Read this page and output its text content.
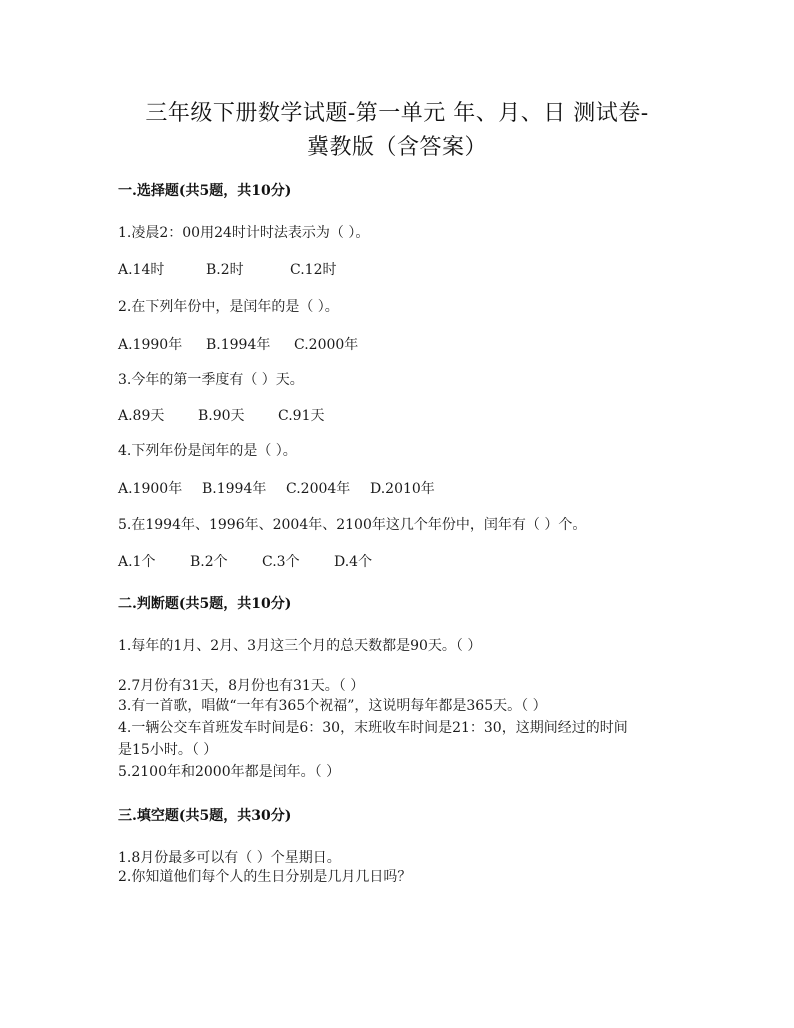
三年级下册数学试题-第一单元 年、月、日 测试卷-
冀教版（含答案）
一.选择题(共5题，共10分)
1.凌晨2：00用24时计时法表示为（ ）。
A.14时	B.2时	C.12时
2.在下列年份中，是闰年的是（ ）。
A.1990年 B.1994年 C.2000年
3.今年的第一季度有（ ）天。
A.89天 B.90天 C.91天
4.下列年份是闰年的是（ ）。
A.1900年 B.1994年 C.2004年 D.2010年
5.在1994年、1996年、2004年、2100年这几个年份中，闰年有（ ）个。
A.1个 B.2个 C.3个 D.4个
二.判断题(共5题，共10分)
1.每年的1月、2月、3月这三个月的总天数都是90天。（ ）
2.7月份有31天，8月份也有31天。（ ）
3.有一首歌，唱做“一年有365个祝福”，这说明每年都是365天。（ ）
4.一辆公交车首班发车时间是6：30，末班收车时间是21：30，这期间经过的时间
是15小时。（ ）
5.2100年和2000年都是闰年。（ ）
三.填空题(共5题，共30分)
1.8月份最多可以有（ ）个星期日。
2.你知道他们每个人的生日分别是几月几日吗？
